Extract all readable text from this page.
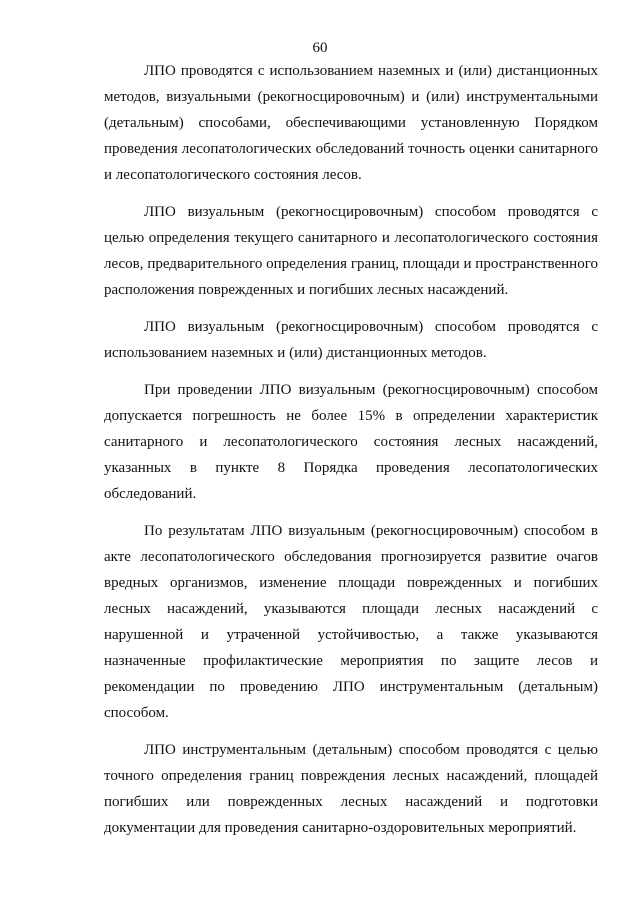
60

ЛПО проводятся с использованием наземных и (или) дистанционных методов, визуальными (рекогносцировочным) и (или) инструментальными (детальным) способами, обеспечивающими установленную Порядком проведения лесопатологических обследований точность оценки санитарного и лесопатологического состояния лесов.

ЛПО визуальным (рекогносцировочным) способом проводятся с целью определения текущего санитарного и лесопатологического состояния лесов, предварительного определения границ, площади и пространственного расположения поврежденных и погибших лесных насаждений.

ЛПО визуальным (рекогносцировочным) способом проводятся с использованием наземных и (или) дистанционных методов.

При проведении ЛПО визуальным (рекогносцировочным) способом допускается погрешность не более 15% в определении характеристик санитарного и лесопатологического состояния лесных насаждений, указанных в пункте 8 Порядка проведения лесопатологических обследований.

По результатам ЛПО визуальным (рекогносцировочным) способом в акте лесопатологического обследования прогнозируется развитие очагов вредных организмов, изменение площади поврежденных и погибших лесных насаждений, указываются площади лесных насаждений с нарушенной и утраченной устойчивостью, а также указываются назначенные профилактические мероприятия по защите лесов и рекомендации по проведению ЛПО инструментальным (детальным) способом.

ЛПО инструментальным (детальным) способом проводятся с целью точного определения границ повреждения лесных насаждений, площадей погибших или поврежденных лесных насаждений и подготовки документации для проведения санитарно-оздоровительных мероприятий.
